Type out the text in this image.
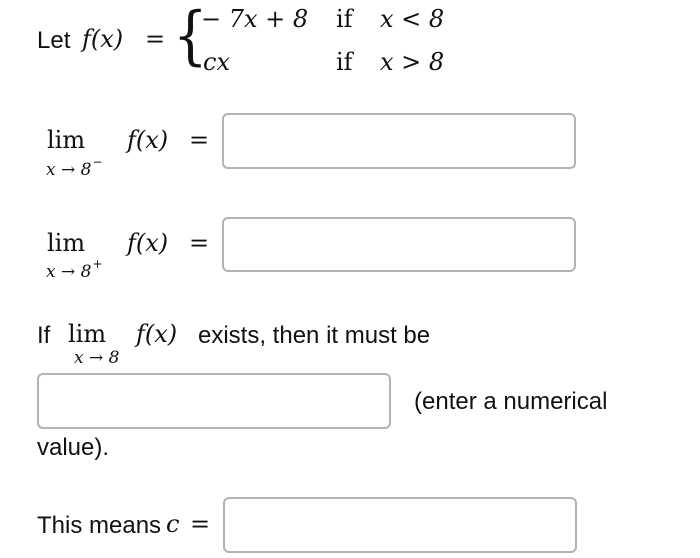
Let f(x) = {
− 7x + 8 if x < 8
cx	if x > 8
lim
x → 8−
f(x) =
lim
x → 8+
f(x) =
If lim
x → 8
f(x) exists, then it must be
(enter a numerical
value).
This means c =
